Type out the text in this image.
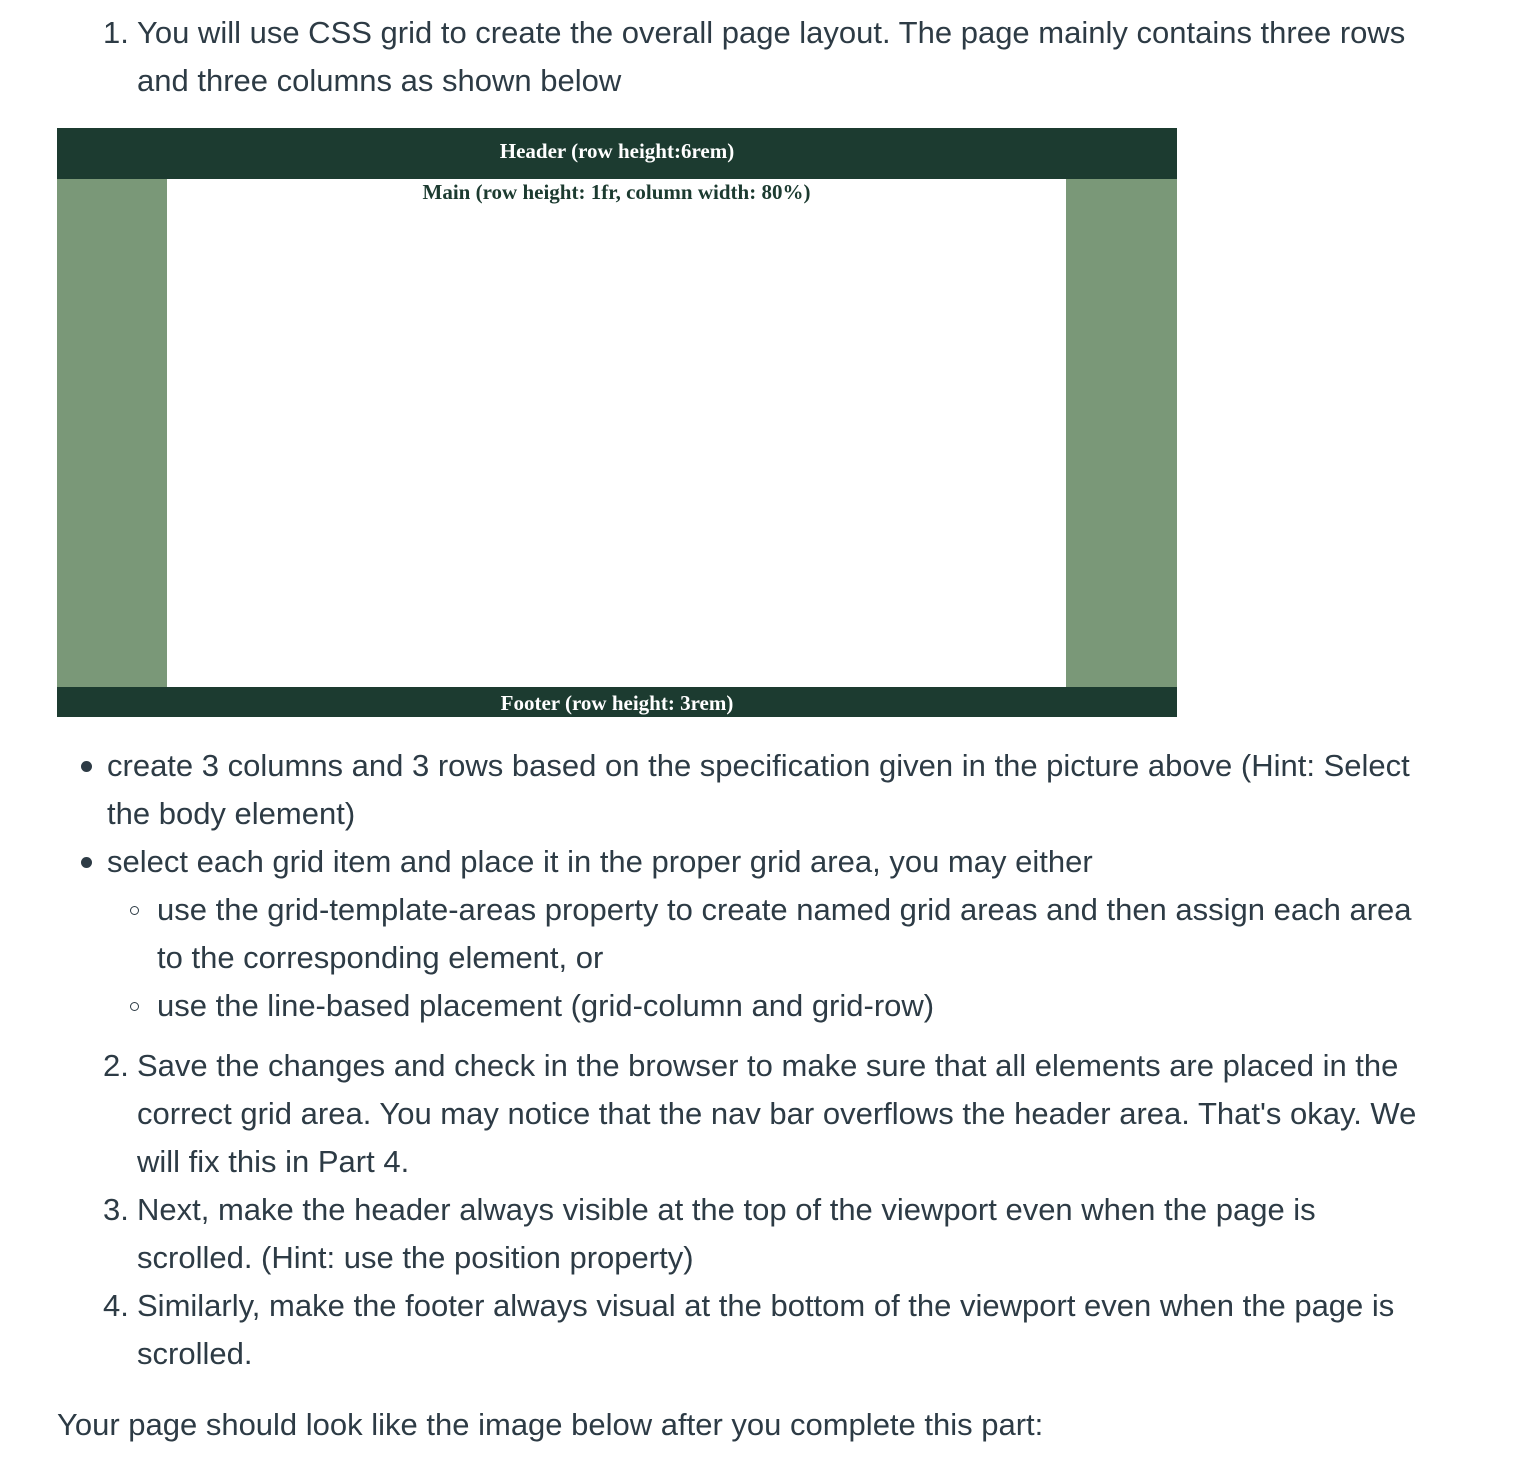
1. You will use CSS grid to create the overall page layout. The page mainly contains three rows

and three columns as shown below

Header (row height:6rem)
Main (row height: 1fr, column width: 80%)
Footer (row height: 3rem)

create 3 columns and 3 rows based on the specification given in the picture above (Hint: Select

the body element)

select each grid item and place it in the proper grid area, you may either

use the grid-template-areas property to create named grid areas and then assign each area

to the corresponding element, or

use the line-based placement (grid-column and grid-row)

2. Save the changes and check in the browser to make sure that all elements are placed in the

correct grid area. You may notice that the nav bar overflows the header area. That's okay. We

will fix this in Part 4.

3. Next, make the header always visible at the top of the viewport even when the page is

scrolled. (Hint: use the position property)

4. Similarly, make the footer always visual at the bottom of the viewport even when the page is

scrolled.

Your page should look like the image below after you complete this part:
